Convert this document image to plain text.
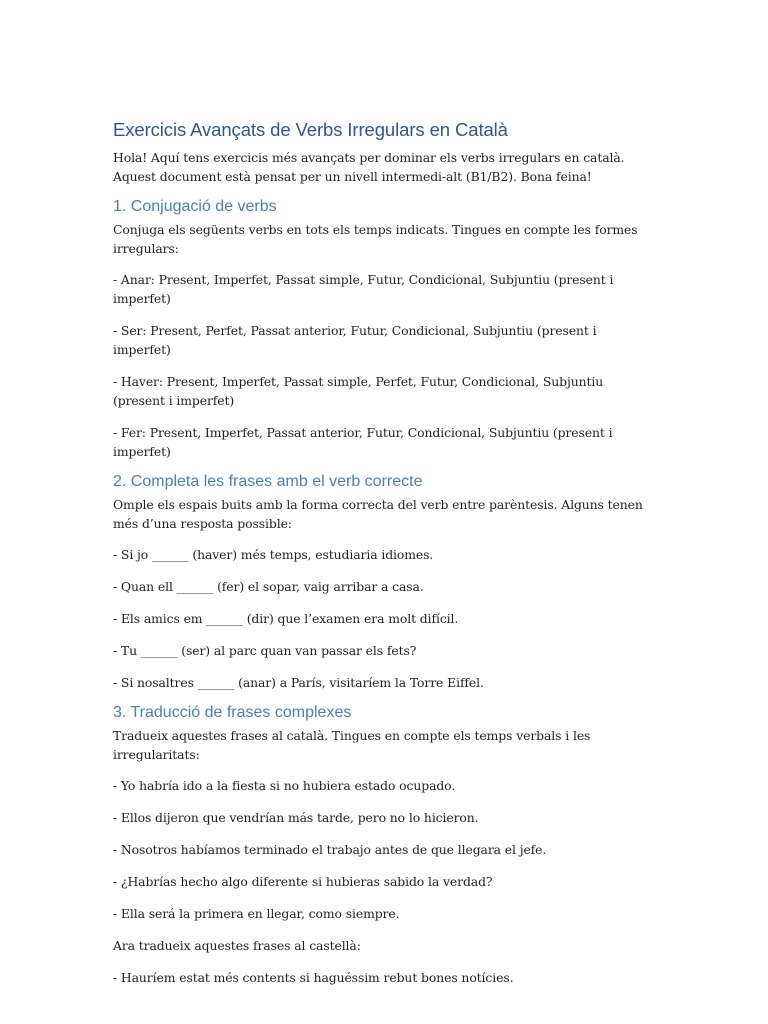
Exercicis Avançats de Verbs Irregulars en Català

Hola! Aquí tens exercicis més avançats per dominar els verbs irregulars en català. Aquest document està pensat per un nivell intermedi-alt (B1/B2). Bona feina!

1. Conjugació de verbs

Conjuga els següents verbs en tots els temps indicats. Tingues en compte les formes irregulars:

- Anar: Present, Imperfet, Passat simple, Futur, Condicional, Subjuntiu (present i imperfet)

- Ser: Present, Perfet, Passat anterior, Futur, Condicional, Subjuntiu (present i imperfet)

- Haver: Present, Imperfet, Passat simple, Perfet, Futur, Condicional, Subjuntiu (present i imperfet)

- Fer: Present, Imperfet, Passat anterior, Futur, Condicional, Subjuntiu (present i imperfet)

2. Completa les frases amb el verb correcte

Omple els espais buits amb la forma correcta del verb entre parèntesis. Alguns tenen més d’una resposta possible:

- Si jo ______ (haver) més temps, estudiaria idiomes.

- Quan ell ______ (fer) el sopar, vaig arribar a casa.

- Els amics em ______ (dir) que l’examen era molt difícil.

- Tu ______ (ser) al parc quan van passar els fets?

- Si nosaltres ______ (anar) a París, visitaríem la Torre Eiffel.

3. Traducció de frases complexes

Tradueix aquestes frases al català. Tingues en compte els temps verbals i les irregularitats:

- Yo habría ido a la fiesta si no hubiera estado ocupado.

- Ellos dijeron que vendrían más tarde, pero no lo hicieron.

- Nosotros habíamos terminado el trabajo antes de que llegara el jefe.

- ¿Habrías hecho algo diferente si hubieras sabido la verdad?

- Ella será la primera en llegar, como siempre.

Ara tradueix aquestes frases al castellà:

- Hauríem estat més contents si haguéssim rebut bones notícies.
